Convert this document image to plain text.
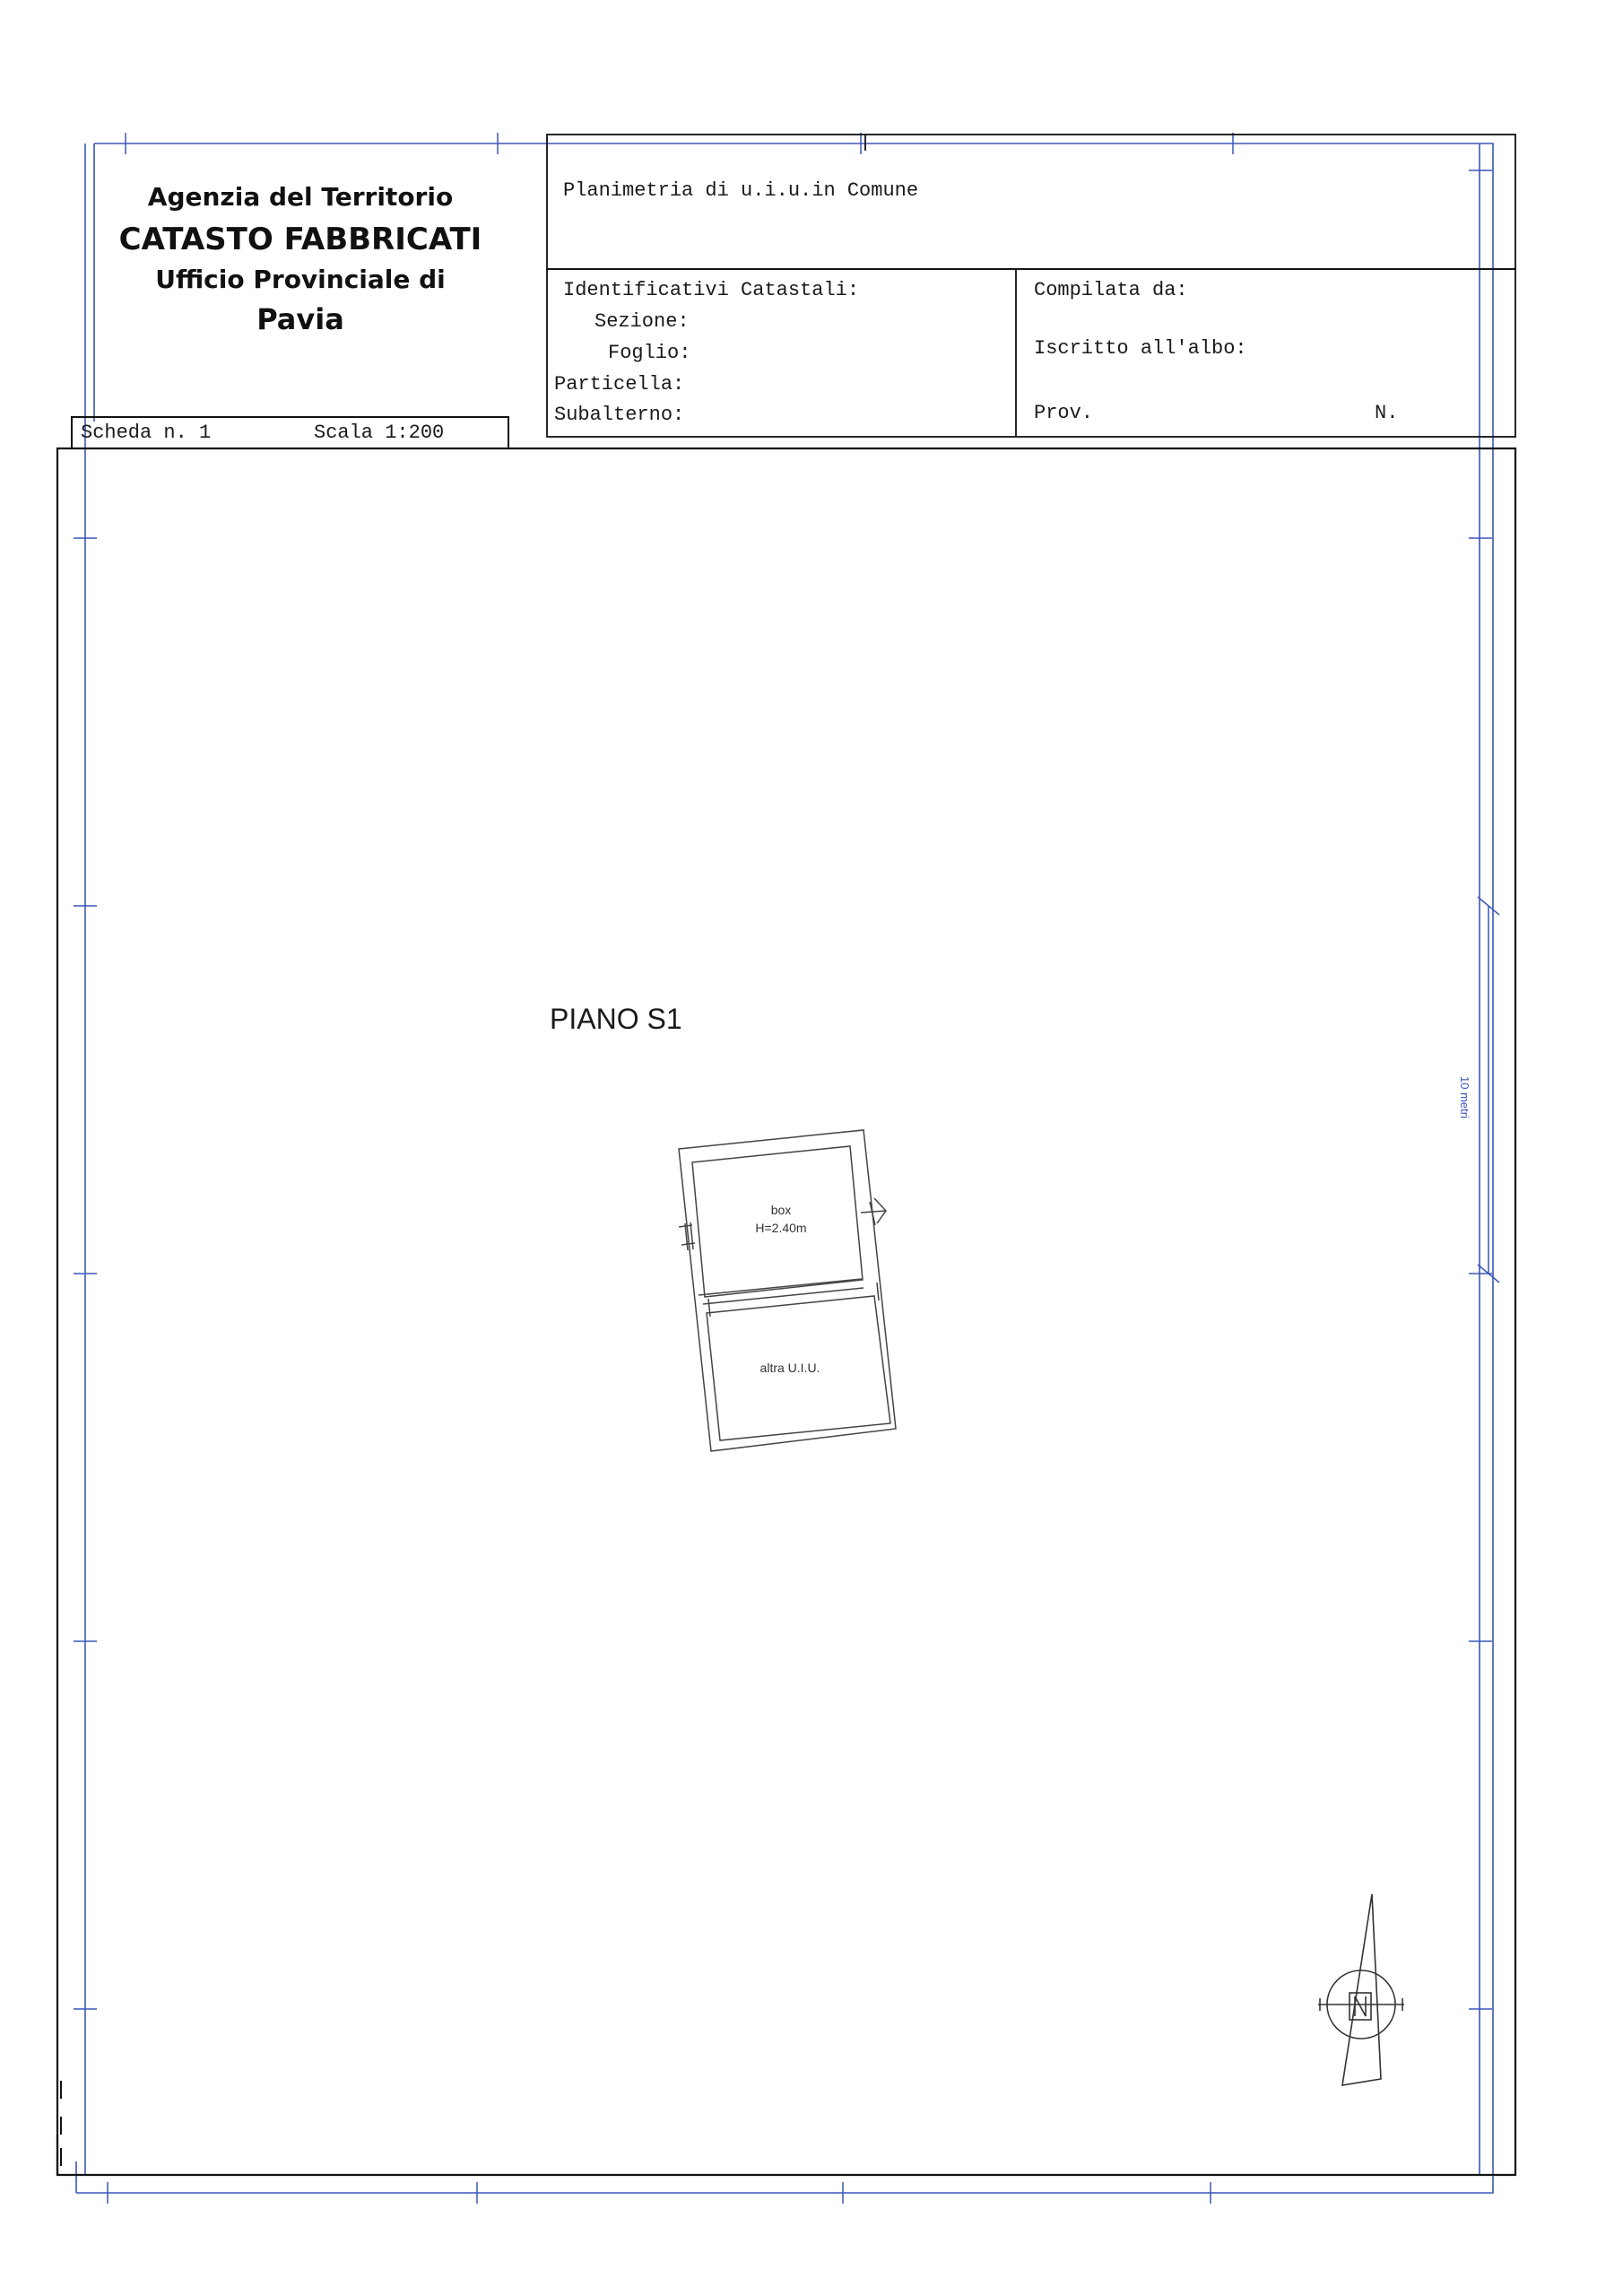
Agenzia del Territorio
CATASTO FABBRICATI
Ufficio Provinciale di
Pavia
Planimetria di u.i.u.in Comune
Identificativi Catastali:
Sezione:
Foglio:
Particella:
Subalterno:
Compilata da:
Iscritto all'albo:
Prov.	N.
Scheda n. 1	Scala 1:200
PIANO S1
box
H=2.40m
altra U.I.U.
10 metri
